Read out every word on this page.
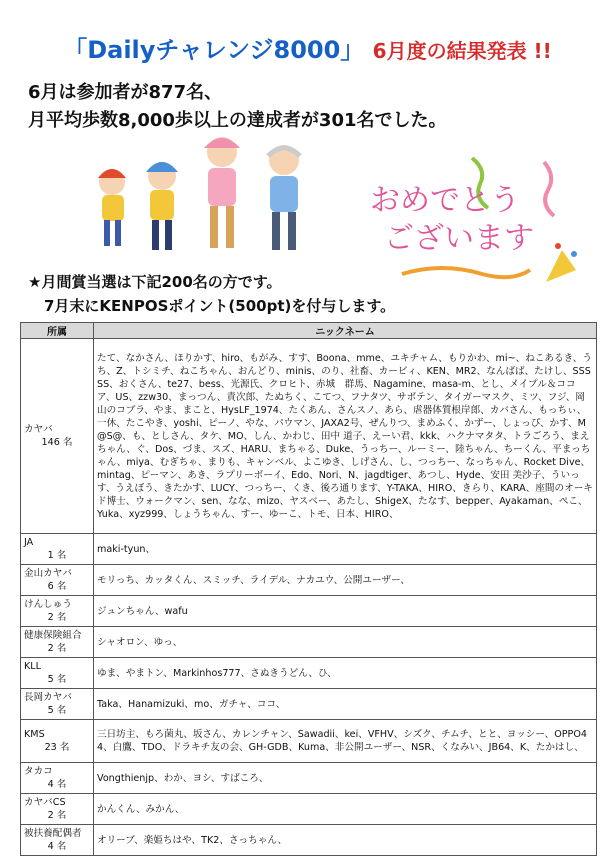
「Dailyチャレンジ8000」 6月度の結果発表 !!
6月は参加者が877名、
月平均歩数8,000歩以上の達成者が301名でした。
おめでとう
ございます
★月間賞当選は下記200名の方です。
7月末にKENPOSポイント(500pt)を付与します。
所属	ニックネーム

カヤバ
146 名	たて、なかさん、ほりかす、hiro、もがみ、すす、Boona、mme、ユキチャム、もりかわ、mi~、ねこあるき、うち、Z、トシミチ、ねこちゃん、おんどり、minis、のり、社畜、カービィ、KEN、MR2、なんばば、たけし、SSSSS、おくさん、te27、bess、光源氏、クロヒト、赤城　群馬、Nagamine、masa-m、とし、メイプル＆ココア、US、zzw30、まっつん、責次郎、たぬちく、こてつ、フナタツ、サボテン、タイガーマスク、ミツ、フジ、岡山のコブラ、やま、まこと、HysLF_1974、たくあん、さんスノ、あら、虐器体質根岸郎、カバさん、もっちぃ、一休、たこやき、yoshi、ピーノ、やな、パウマン、JAXA2号、ぜんりつ、まめふく、かずー、しょっぴ、かす、M@S@、も、としさん、タケ、MO、しん、かわじ、田中 道子、えーい君、kkk、ハクナマタタ、トラごろう、まえちゃん、ぐ、Dos、づま、スズ、HARU、まちゃる、Duke、うっちー、ルーミー、陸ちゃん、ちーくん、平まっちゃん、miya、むぎちゃ、まりも、キャンベル、よこゆき、しげさん、し、つっちー、なっちゃん、Rocket Dive、mintag、ピーマン、あき、ラプリーボーイ、Edo、Nori、N、jagdtiger、あつし、Hyde、安田 美沙子、ういっす、うえぼう、きたかす、LUCY、つっちー、くき、後ろ通ります、Y-TAKA、HIRO、きらり、KARA、座間のオーキド博士、ウォークマン、sen、なな、mizo、ヤスベー、あたし、ShigeX、たなす、bepper、Ayakaman、ぺこ、Yuka、xyz999、しょうちゃん、すー、ゆーこ、トモ、日本、HIRO、

JA
1 名	maki-tyun、

金山カヤバ
6 名	モリっち、カッタくん、スミッチ、ライデル、ナカユウ、公開ユーザー、

けんしゅう
2 名	ジュンちゃん、wafu

健康保険組合
2 名	シャオロン、ゆっ、

KLL
5 名	ゆま、やまトン、Markinhos777、さぬきうどん、ひ、

長岡カヤバ
5 名	Taka、Hanamizuki、mo、ガチャ、ココ、

KMS
23 名	三日坊主、もろ菌丸、坂さん、カレンチャン、Sawadii、kei、VFHV、シズク、チムチ、とと、ヨッシー、OPPO44、白鷹、TDO、ドラキチ友の会、GH-GDB、Kuma、非公開ユーザー、NSR、くなみい、JB64、K、たかはし、

タカコ
4 名	Vongthienjp、わか、ヨシ、すばころ、

カヤバCS
2 名	かんくん、みかん、

被扶養配偶者
4 名	オリーブ、楽姫ちはや、TK2、さっちゃん、
